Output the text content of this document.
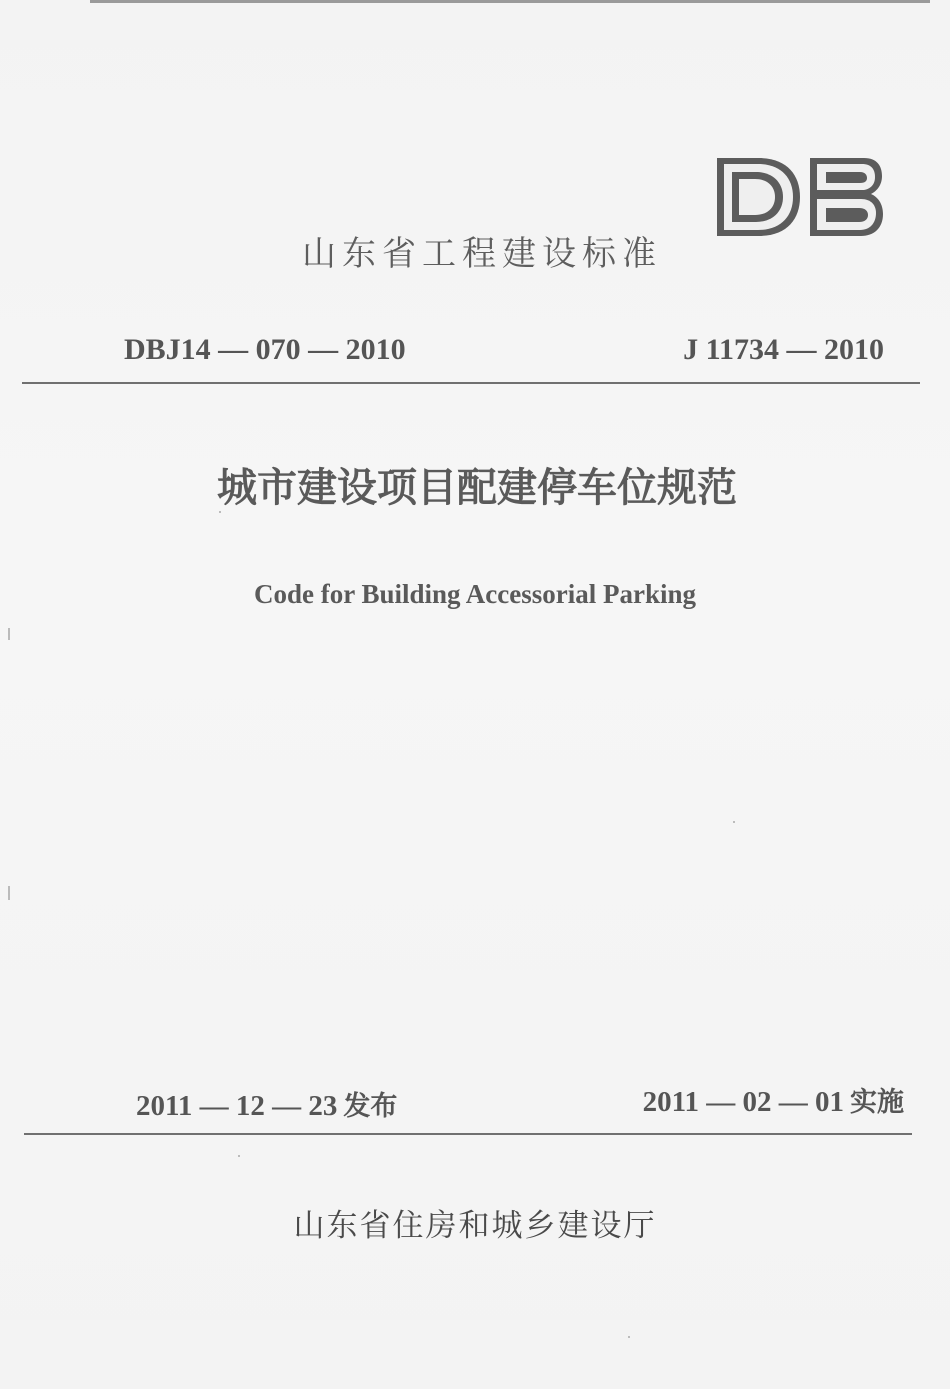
山东省工程建设标准
DBJ14 — 070 — 2010	J 11734 — 2010
城市建设项目配建停车位规范
Code for Building Accessorial Parking
2011 — 12 — 23 发布	2011 — 02 — 01 实施
山东省住房和城乡建设厅
